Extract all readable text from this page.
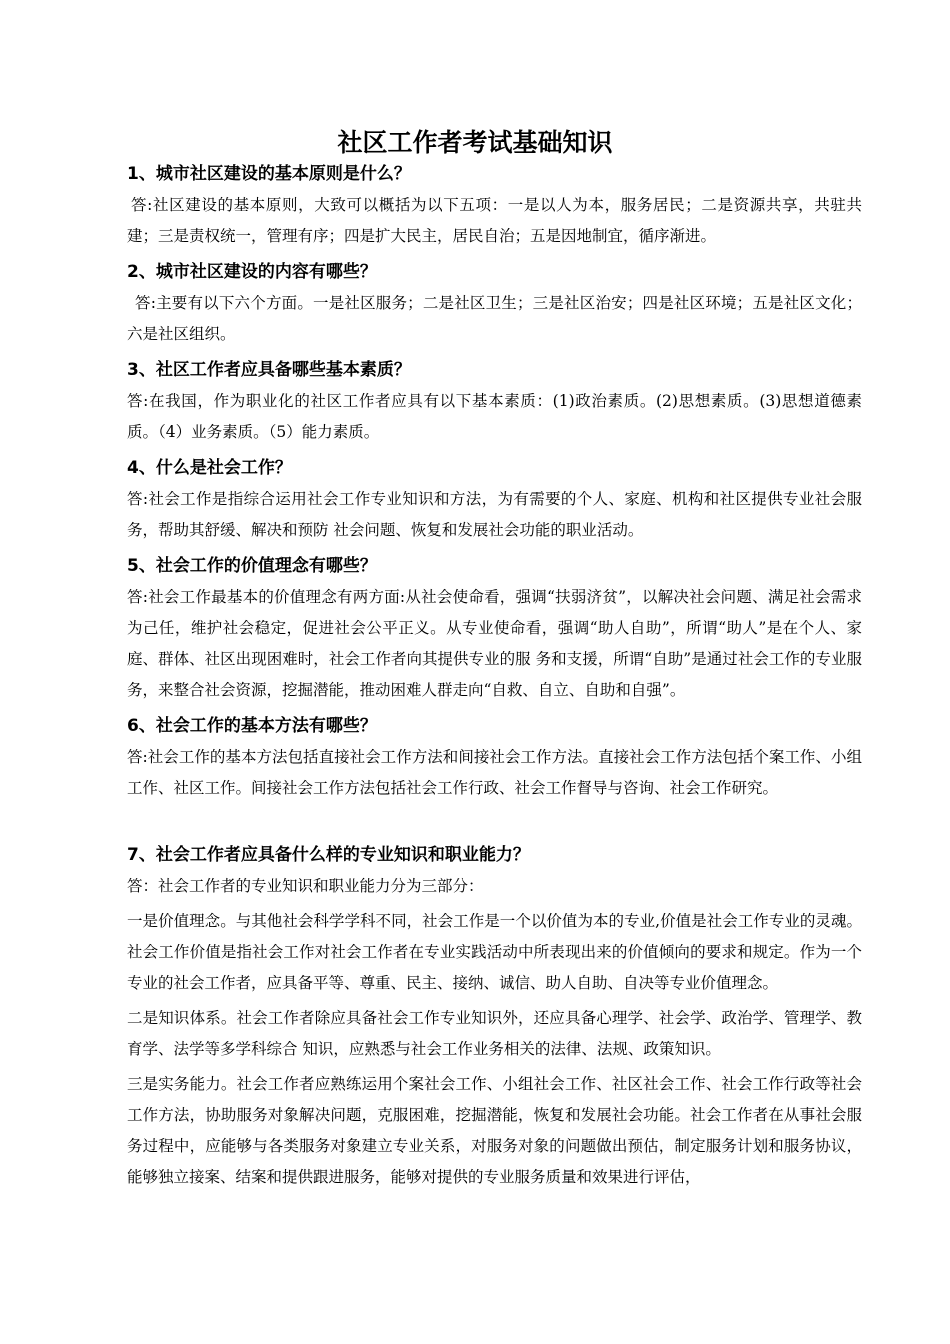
社区工作者考试基础知识

1、城市社区建设的基本原则是什么？

答:社区建设的基本原则，大致可以概括为以下五项：一是以人为本，服务居民；二是资源共享，共驻共建；三是责权统一，管理有序；四是扩大民主，居民自治；五是因地制宜，循序渐进。

2、城市社区建设的内容有哪些？

答:主要有以下六个方面。一是社区服务；二是社区卫生；三是社区治安；四是社区环境；五是社区文化；六是社区组织。

3、社区工作者应具备哪些基本素质？

答:在我国，作为职业化的社区工作者应具有以下基本素质：(1)政治素质。(2)思想素质。(3)思想道德素质。（4）业务素质。（5）能力素质。

4、什么是社会工作？

答:社会工作是指综合运用社会工作专业知识和方法，为有需要的个人、家庭、机构和社区提供专业社会服务，帮助其舒缓、解决和预防 社会问题、恢复和发展社会功能的职业活动。

5、社会工作的价值理念有哪些？

答:社会工作最基本的价值理念有两方面:从社会使命看，强调“扶弱济贫”，以解决社会问题、满足社会需求为己任，维护社会稳定，促进社会公平正义。从专业使命看，强调“助人自助”，所谓“助人”是在个人、家庭、群体、社区出现困难时，社会工作者向其提供专业的服 务和支援，所谓“自助”是通过社会工作的专业服务，来整合社会资源，挖掘潜能，推动困难人群走向“自救、自立、自助和自强”。

6、社会工作的基本方法有哪些？

答:社会工作的基本方法包括直接社会工作方法和间接社会工作方法。直接社会工作方法包括个案工作、小组工作、社区工作。间接社会工作方法包括社会工作行政、社会工作督导与咨询、社会工作研究。

7、社会工作者应具备什么样的专业知识和职业能力？

答：社会工作者的专业知识和职业能力分为三部分：

一是价值理念。与其他社会科学学科不同，社会工作是一个以价值为本的专业,价值是社会工作专业的灵魂。社会工作价值是指社会工作对社会工作者在专业实践活动中所表现出来的价值倾向的要求和规定。作为一个专业的社会工作者，应具备平等、尊重、民主、接纳、诚信、助人自助、自决等专业价值理念。

二是知识体系。社会工作者除应具备社会工作专业知识外，还应具备心理学、社会学、政治学、管理学、教育学、法学等多学科综合 知识，应熟悉与社会工作业务相关的法律、法规、政策知识。

三是实务能力。社会工作者应熟练运用个案社会工作、小组社会工作、社区社会工作、社会工作行政等社会工作方法，协助服务对象解决问题，克服困难，挖掘潜能，恢复和发展社会功能。社会工作者在从事社会服务过程中，应能够与各类服务对象建立专业关系，对服务对象的问题做出预估，制定服务计划和服务协议，能够独立接案、结案和提供跟进服务，能够对提供的专业服务质量和效果进行评估，
